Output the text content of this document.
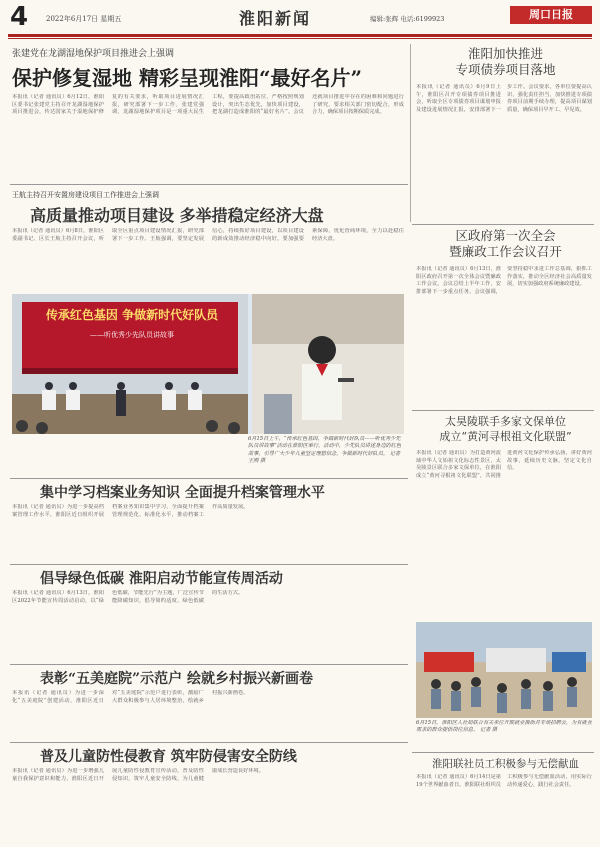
4	2022年6月17日 星期五	淮阳新闻	编辑:张辉 电话:6199923	周口日报
张建党在龙湖湿地保护项目推进会上强调
保护修复湿地 精彩呈现淮阳“最好名片”
本报讯（记者 通讯员）6月12日，淮阳区委书记张建党主持召开龙湖湿地保护项目推进会，传达国家关于湿地保护修复的有关要求，听取项目进展情况汇报，研究部署下一步工作。张建党强调，龙湖湿地保护项目是一项重大民生工程，要提高政治站位，严格按照规划设计，突出生态优先，加快项目建设，把龙湖打造成淮阳的“最好名片”。会议还就项目推进中存在的困难和问题进行了研究，要求相关部门密切配合，形成合力，确保项目按期保质完成。
淮阳加快推进
专项债券项目落地
本报讯（记者 通讯员）6月9日上午，淮阳区召开专项债券项目推进会，听取全区专项债券项目谋划申报及建设进展情况汇报，安排部署下一步工作。会议要求，各单位要提高认识，强化责任担当，加快推进专项债券项目前期手续办理，提高项目谋划质量，确保项目早开工、早见效。
王航主持召开安置房建设项目工作推进会上强调
高质量推动项目建设 多举措稳定经济大盘
本报讯（记者 通讯员）6月8日，淮阳区委副书记、区长王航主持召开会议，听取全区重点项目建设情况汇报，研究部署下一步工作。王航强调，要坚定发展信心，持续抓好项目建设，以项目建设的新成效推动经济稳中向好。要加强要素保障，优化营商环境，全力以赴稳住经济大盘。	区政府第一次全会
暨廉政工作会议召开
本报讯（记者 通讯员）6月13日，淮阳区政府召开第一次全体会议暨廉政工作会议。会议总结上半年工作，安排部署下一步重点任务。会议强调，要坚持稳中求进工作总基调，狠抓工作落实，推动全区经济社会高质量发展，切实加强政府系统廉政建设。
传承红色基因 争做新时代好队员
——听优秀少先队员讲故事
6月15日上午，“传承红色基因，争做新时代好队员——听优秀少先队员讲故事”活动在淮阳区举行。活动中，少先队员讲述身边的红色故事，引导广大少年儿童坚定理想信念，争做新时代好队员。 记者 王刚 摄
太昊陵联手多家文保单位
成立“黄河寻根祖文化联盟”
本报讯（记者 通讯员）为打造黄河流域中华人文始祖文化标志性景区，太昊陵景区联合多家文保单位，在淮阳成立“黄河寻根祖文化联盟”，共同推进黄河文化保护传承弘扬，讲好黄河故事，延续历史文脉，坚定文化自信。
集中学习档案业务知识 全面提升档案管理水平
本报讯（记者 通讯员）为进一步提高档案管理工作水平，淮阳区近日组织开展档案业务知识集中学习，全面提升档案管理规范化、标准化水平，推动档案工作高质量发展。
倡导绿色低碳 淮阳启动节能宣传周活动
本报讯（记者 通讯员）6月13日，淮阳区2022年节能宣传周活动启动，以“绿色低碳，节能先行”为主题，广泛宣传节能降碳知识，倡导简约适度、绿色低碳的生活方式。
表彰“五美庭院”示范户 绘就乡村振兴新画卷
本报讯（记者 通讯员）为进一步深化“五美庭院”创建活动，淮阳区近日对“五美庭院”示范户进行表彰，激励广大群众积极参与人居环境整治，绘就乡村振兴新画卷。
普及儿童防性侵教育 筑牢防侵害安全防线
本报讯（记者 通讯员）为进一步增强儿童自我保护意识和能力，淮阳区近日开展儿童防性侵教育宣传活动，普及防性侵知识，筑牢儿童安全防线，为儿童健康成长营造良好环境。
6月15日，淮阳区人社局联合有关单位开展就业援助月专场招聘会，为有就业需求的群众提供岗位信息。 记者 摄
淮阳联社员工积极参与无偿献血
本报讯（记者 通讯员）6月14日是第19个世界献血者日。淮阳联社组织员工积极参与无偿献血活动，用实际行动传递爱心，践行社会责任。
